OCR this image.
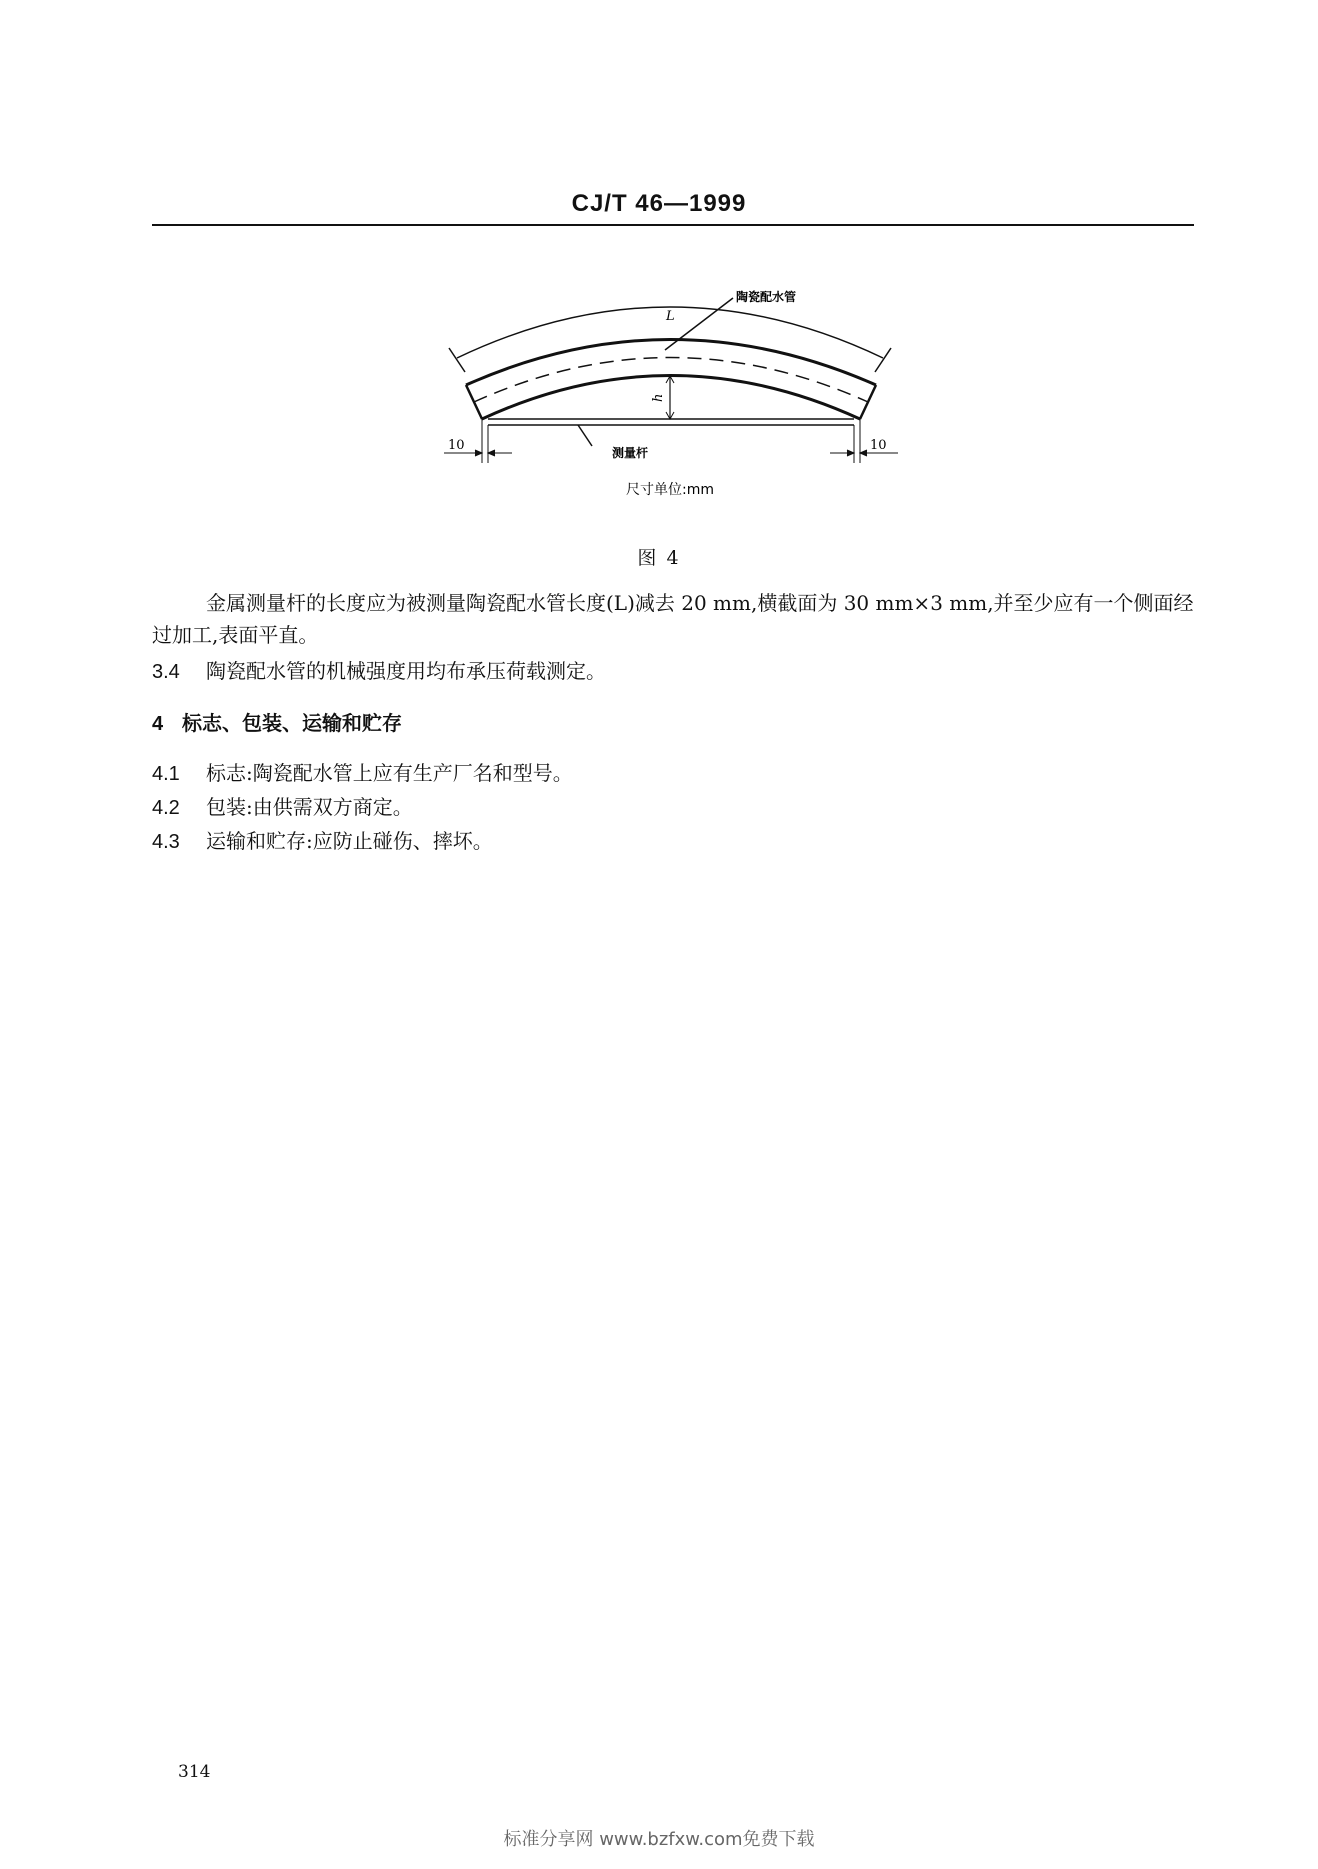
CJ/T 46—1999
陶瓷配水管
L
h
测量杆
10	10
尺寸单位:mm
图 4
金属测量杆的长度应为被测量陶瓷配水管长度(L)减去 20 mm,横截面为 30 mm×3 mm,并至少应有一个侧面经过加工,表面平直。
3.4 陶瓷配水管的机械强度用均布承压荷载测定。
4 标志、包装、运输和贮存
4.1 标志:陶瓷配水管上应有生产厂名和型号。
4.2 包装:由供需双方商定。
4.3 运输和贮存:应防止碰伤、摔坏。
314
标准分享网 www.bzfxw.com免费下载
